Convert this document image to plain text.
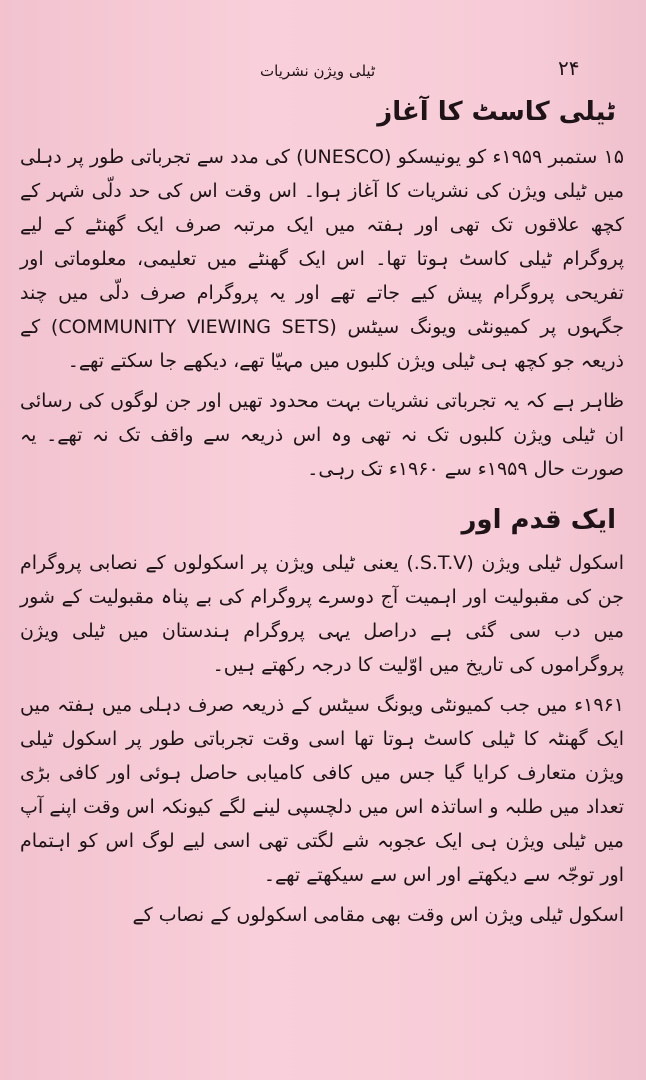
ٹیلی ویژن نشریات	۲۴
ٹیلی کاسٹ کا آغاز

۱۵ ستمبر ۱۹۵۹ء کو یونیسکو (UNESCO) کی مدد سے تجرباتی طور پر دہلی میں ٹیلی ویژن کی نشریات کا آغاز ہوا۔ اس وقت اس کی حد دلّی شہر کے کچھ علاقوں تک تھی اور ہفتہ میں ایک مرتبہ صرف ایک گھنٹے کے لیے پروگرام ٹیلی کاسٹ ہوتا تھا۔ اس ایک گھنٹے میں تعلیمی، معلوماتی اور تفریحی پروگرام پیش کیے جاتے تھے اور یہ پروگرام صرف دلّی میں چند جگہوں پر کمیونٹی ویونگ سیٹس (COMMUNITY VIEWING SETS) کے ذریعہ جو کچھ ہی ٹیلی ویژن کلبوں میں مہیّا تھے، دیکھے جا سکتے تھے۔

ظاہر ہے کہ یہ تجرباتی نشریات بہت محدود تھیں اور جن لوگوں کی رسائی ان ٹیلی ویژن کلبوں تک نہ تھی وہ اس ذریعہ سے واقف تک نہ تھے۔ یہ صورت حال ۱۹۵۹ء سے ۱۹۶۰ء تک رہی۔

ایک قدم اور

اسکول ٹیلی ویژن (S.T.V.) یعنی ٹیلی ویژن پر اسکولوں کے نصابی پروگرام جن کی مقبولیت اور اہمیت آج دوسرے پروگرام کی بے پناہ مقبولیت کے شور میں دب سی گئی ہے دراصل یہی پروگرام ہندستان میں ٹیلی ویژن پروگراموں کی تاریخ میں اوّلیت کا درجہ رکھتے ہیں۔

۱۹۶۱ء میں جب کمیونٹی ویونگ سیٹس کے ذریعہ صرف دہلی میں ہفتہ میں ایک گھنٹہ کا ٹیلی کاسٹ ہوتا تھا اسی وقت تجرباتی طور پر اسکول ٹیلی ویژن متعارف کرایا گیا جس میں کافی کامیابی حاصل ہوئی اور کافی بڑی تعداد میں طلبہ و اساتذہ اس میں دلچسپی لینے لگے کیونکہ اس وقت اپنے آپ میں ٹیلی ویژن ہی ایک عجوبہ شے لگتی تھی اسی لیے لوگ اس کو اہتمام اور توجّہ سے دیکھتے اور اس سے سیکھتے تھے۔

اسکول ٹیلی ویژن اس وقت بھی مقامی اسکولوں کے نصاب کے
